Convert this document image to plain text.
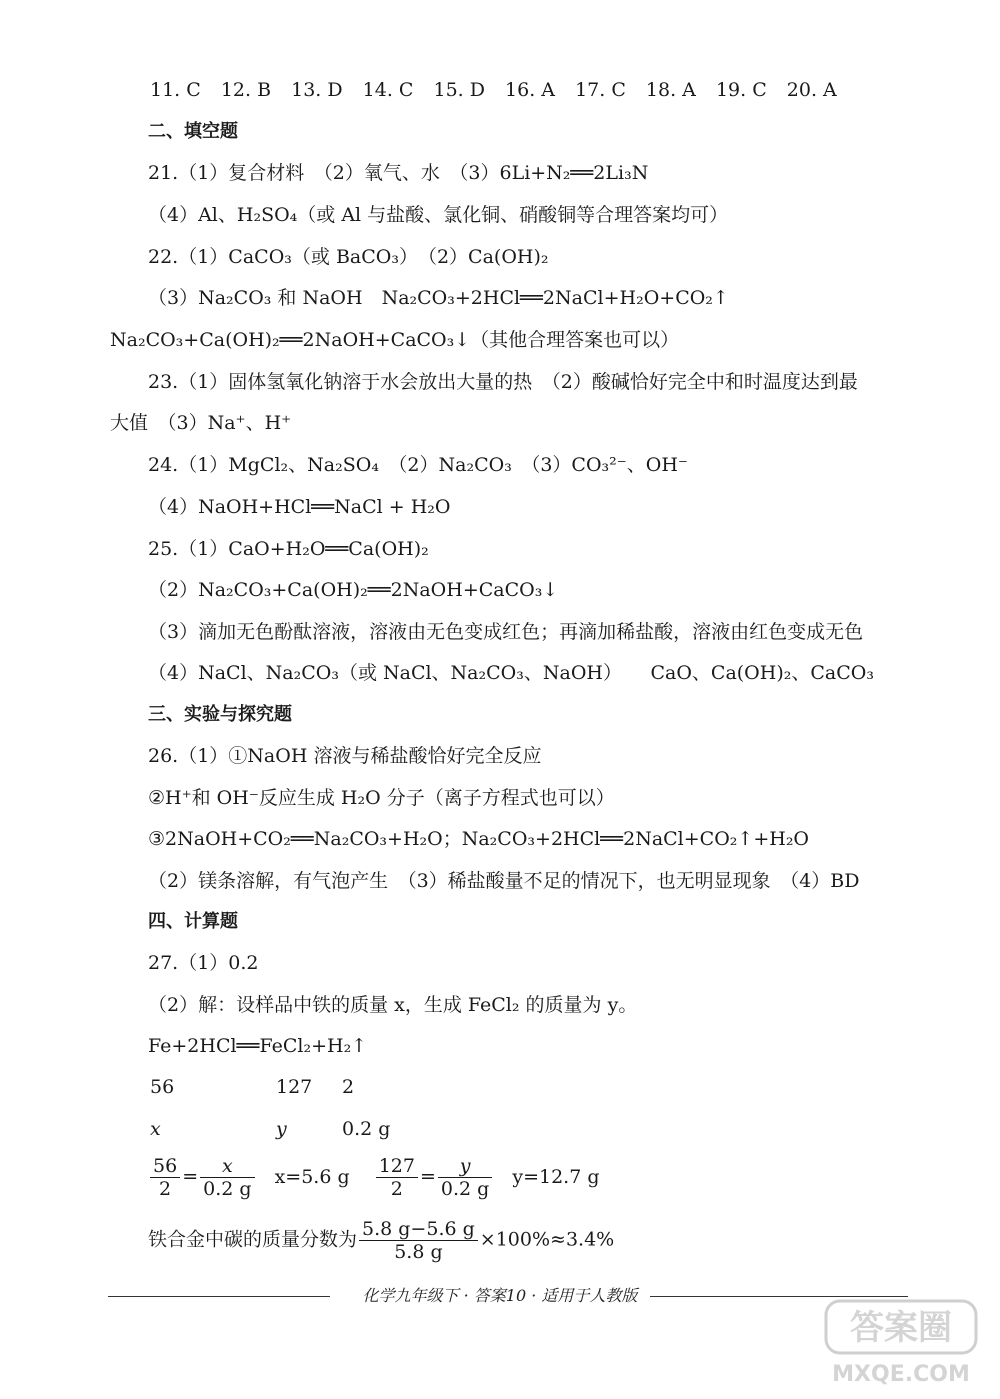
11. C 12. B 13. D 14. C 15. D 16. A 17. C 18. A 19. C 20. A
二、填空题
21.（1）复合材料　（2）氧气、水　（3）6Li+N₂══2Li₃N
（4）Al、H₂SO₄（或 Al 与盐酸、氯化铜、硝酸铜等合理答案均可）
22.（1）CaCO₃（或 BaCO₃）　（2）Ca(OH)₂
（3）Na₂CO₃ 和 NaOH　Na₂CO₃+2HCl══2NaCl+H₂O+CO₂↑
Na₂CO₃+Ca(OH)₂══2NaOH+CaCO₃↓（其他合理答案也可以）
23.（1）固体氢氧化钠溶于水会放出大量的热　（2）酸碱恰好完全中和时温度达到最
大值　（3）Na⁺、H⁺
24.（1）MgCl₂、Na₂SO₄　（2）Na₂CO₃　（3）CO₃²⁻、OH⁻
（4）NaOH+HCl══NaCl + H₂O
25.（1）CaO+H₂O══Ca(OH)₂
（2）Na₂CO₃+Ca(OH)₂══2NaOH+CaCO₃↓
（3）滴加无色酚酞溶液，溶液由无色变成红色；再滴加稀盐酸，溶液由红色变成无色
（4）NaCl、Na₂CO₃（或 NaCl、Na₂CO₃、NaOH）　　CaO、Ca(OH)₂、CaCO₃
三、实验与探究题
26.（1）①NaOH 溶液与稀盐酸恰好完全反应
②H⁺和 OH⁻反应生成 H₂O 分子（离子方程式也可以）
③2NaOH+CO₂══Na₂CO₃+H₂O；Na₂CO₃+2HCl══2NaCl+CO₂↑+H₂O
（2）镁条溶解，有气泡产生　（3）稀盐酸量不足的情况下，也无明显现象　（4）BD
四、计算题
27.（1）0.2
（2）解：设样品中铁的质量 x，生成 FeCl₂ 的质量为 y。
Fe+2HCl══FeCl₂+H₂↑
56	127 2
x	y	0.2 g
$\frac{56}{2} = \frac{x}{0.2 g} x=5.6$ g $\frac{127}{2} = \frac{y}{0.2 g} y=12.7$ g
铁合金中碳的质量分数为 $\frac{5.8 g-5.6 g}{5.8 g} \times 100\%\approx 3.4\%$
化学九年级下 · 答案10 · 适用于人教版
答案圈
MXQE.COM
